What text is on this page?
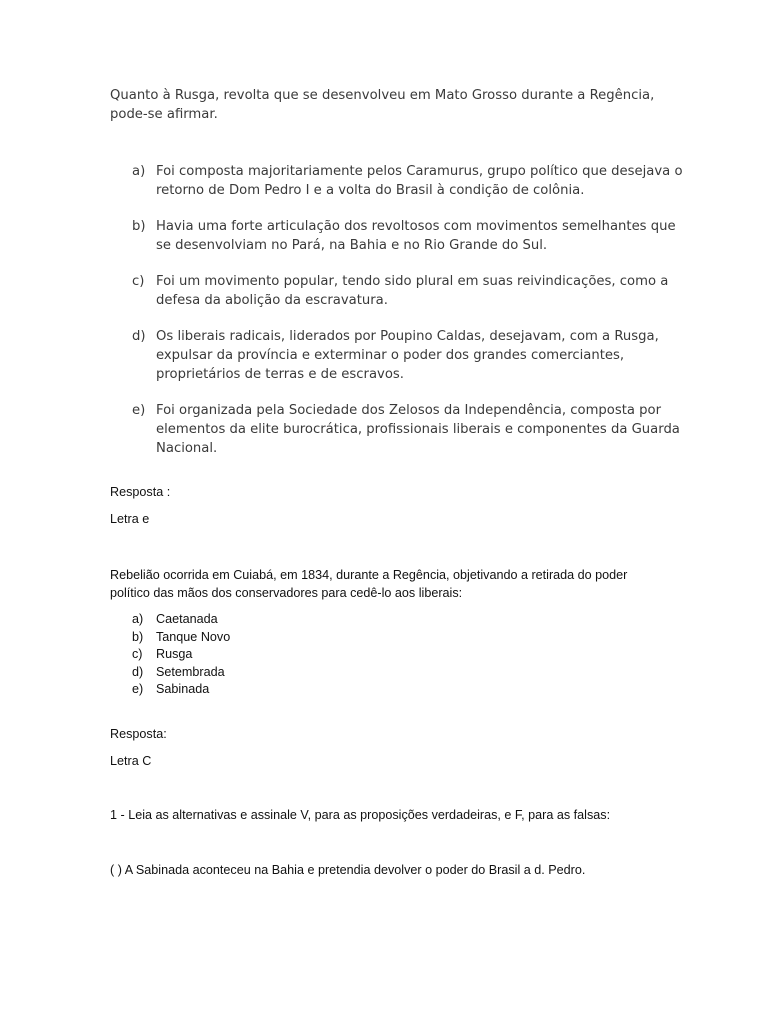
Quanto à Rusga, revolta que se desenvolveu em Mato Grosso durante a Regência, pode-se afirmar.
a) Foi composta majoritariamente pelos Caramurus, grupo político que desejava o retorno de Dom Pedro I e a volta do Brasil à condição de colônia.
b) Havia uma forte articulação dos revoltosos com movimentos semelhantes que se desenvolviam no Pará, na Bahia e no Rio Grande do Sul.
c) Foi um movimento popular, tendo sido plural em suas reivindicações, como a defesa da abolição da escravatura.
d) Os liberais radicais, liderados por Poupino Caldas, desejavam, com a Rusga, expulsar da província e exterminar o poder dos grandes comerciantes, proprietários de terras e de escravos.
e) Foi organizada pela Sociedade dos Zelosos da Independência, composta por elementos da elite burocrática, profissionais liberais e componentes da Guarda Nacional.
Resposta :
Letra e
Rebelião ocorrida em Cuiabá, em 1834, durante a Regência, objetivando a retirada do poder político das mãos dos conservadores para cedê-lo aos liberais:
a) Caetanada
b) Tanque Novo
c) Rusga
d) Setembrada
e) Sabinada
Resposta:
Letra C
1 - Leia as alternativas e assinale V, para as proposições verdadeiras, e F, para as falsas:
( ) A Sabinada aconteceu na Bahia e pretendia devolver o poder do Brasil a d. Pedro.
